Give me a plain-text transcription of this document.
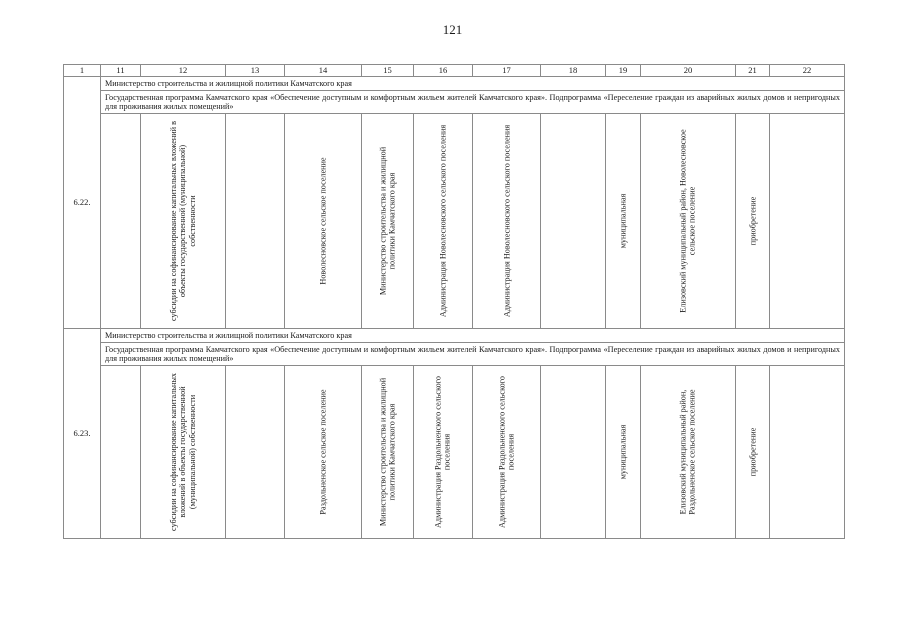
121
1	11	12	13	14	15	16	17	18	19	20	21	22
6.22.	Министерство строительства и жилищной политики Камчатского края											
	Государственная программа Камчатского края «Обеспечение доступным и комфортным жильем жителей Камчатского края». Подпрограмма «Переселение граждан из аварийных жилых домов и непригодных для проживания жилых помещений»											

		субсидии на софинансирование капитальных вложений в объекты государственной (муниципальной) собственности		Новолесновское сельское поселение	Министерство строительства и жилищной политики Камчатского края	Администрация Новолесновского сельского поселения	Администрация Новолесновского сельского поселения		муниципальная	Елизовский муниципальный район, Новолесновское сельское поселение	приобретение	

6.23.	Министерство строительства и жилищной политики Камчатского края											
	Государственная программа Камчатского края «Обеспечение доступным и комфортным жильем жителей Камчатского края». Подпрограмма «Переселение граждан из аварийных жилых домов и непригодных для проживания жилых помещений»											

		субсидии на софинансирование капитальных вложений в объекты государственной (муниципальной) собственности		Раздольненское сельское поселение	Министерство строительства и жилищной политики Камчатского края	Администрация Раздольненского сельского поселения	Администрация Раздольненского сельского поселения		муниципальная	Елизовский муниципальный район, Раздольненское сельское поселение	приобретение	
